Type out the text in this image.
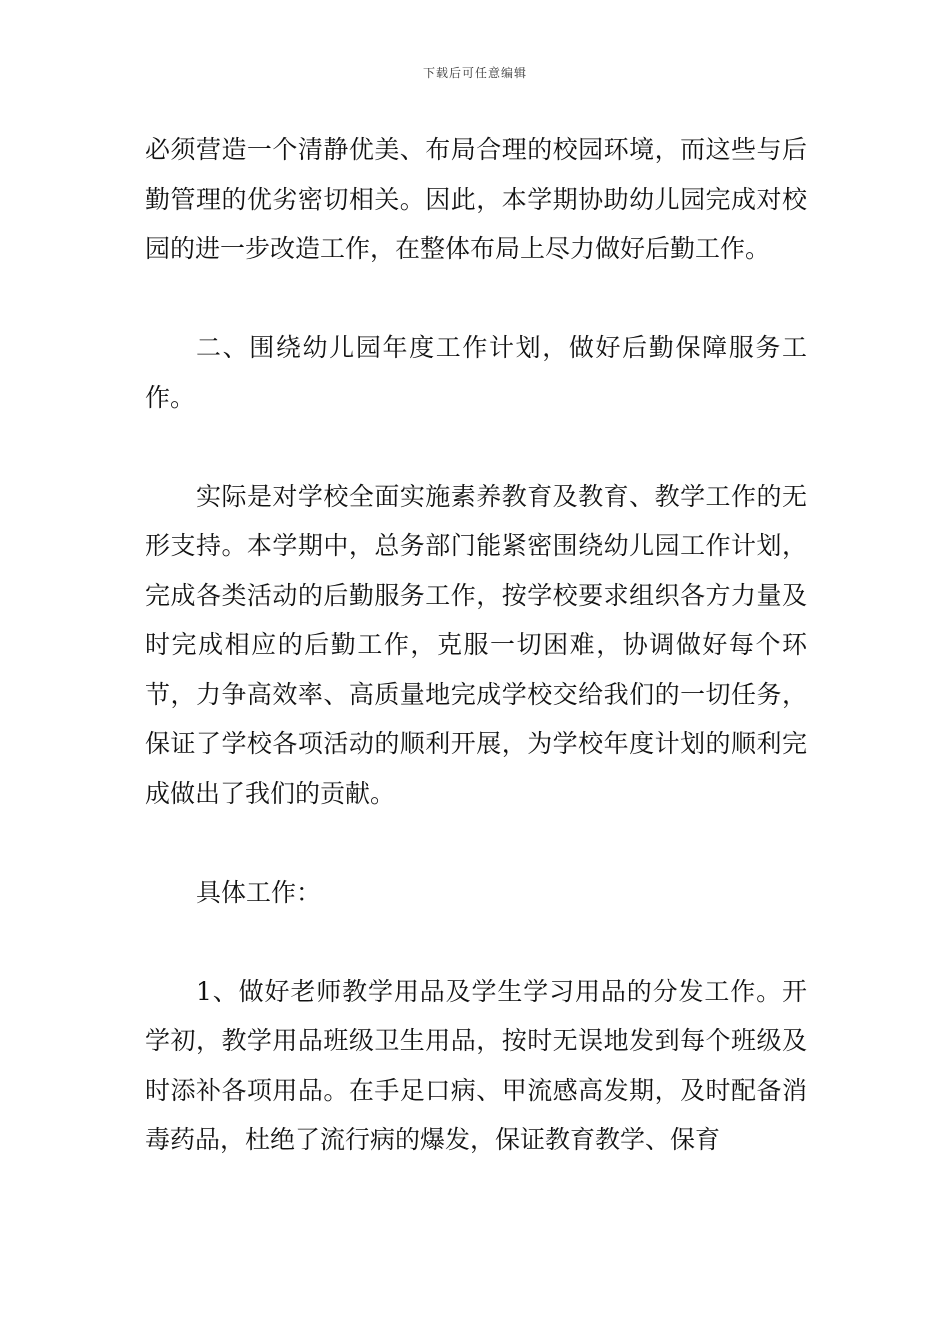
下载后可任意编辑

必须营造一个清静优美、布局合理的校园环境，而这些与后勤管理的优劣密切相关。因此，本学期协助幼儿园完成对校园的进一步改造工作，在整体布局上尽力做好后勤工作。

二、围绕幼儿园年度工作计划，做好后勤保障服务工作。

实际是对学校全面实施素养教育及教育、教学工作的无形支持。本学期中，总务部门能紧密围绕幼儿园工作计划，完成各类活动的后勤服务工作，按学校要求组织各方力量及时完成相应的后勤工作，克服一切困难，协调做好每个环节，力争高效率、高质量地完成学校交给我们的一切任务，保证了学校各项活动的顺利开展，为学校年度计划的顺利完成做出了我们的贡献。

具体工作：

1、做好老师教学用品及学生学习用品的分发工作。开学初，教学用品班级卫生用品，按时无误地发到每个班级及时添补各项用品。在手足口病、甲流感高发期，及时配备消毒药品，杜绝了流行病的爆发，保证教育教学、保育
